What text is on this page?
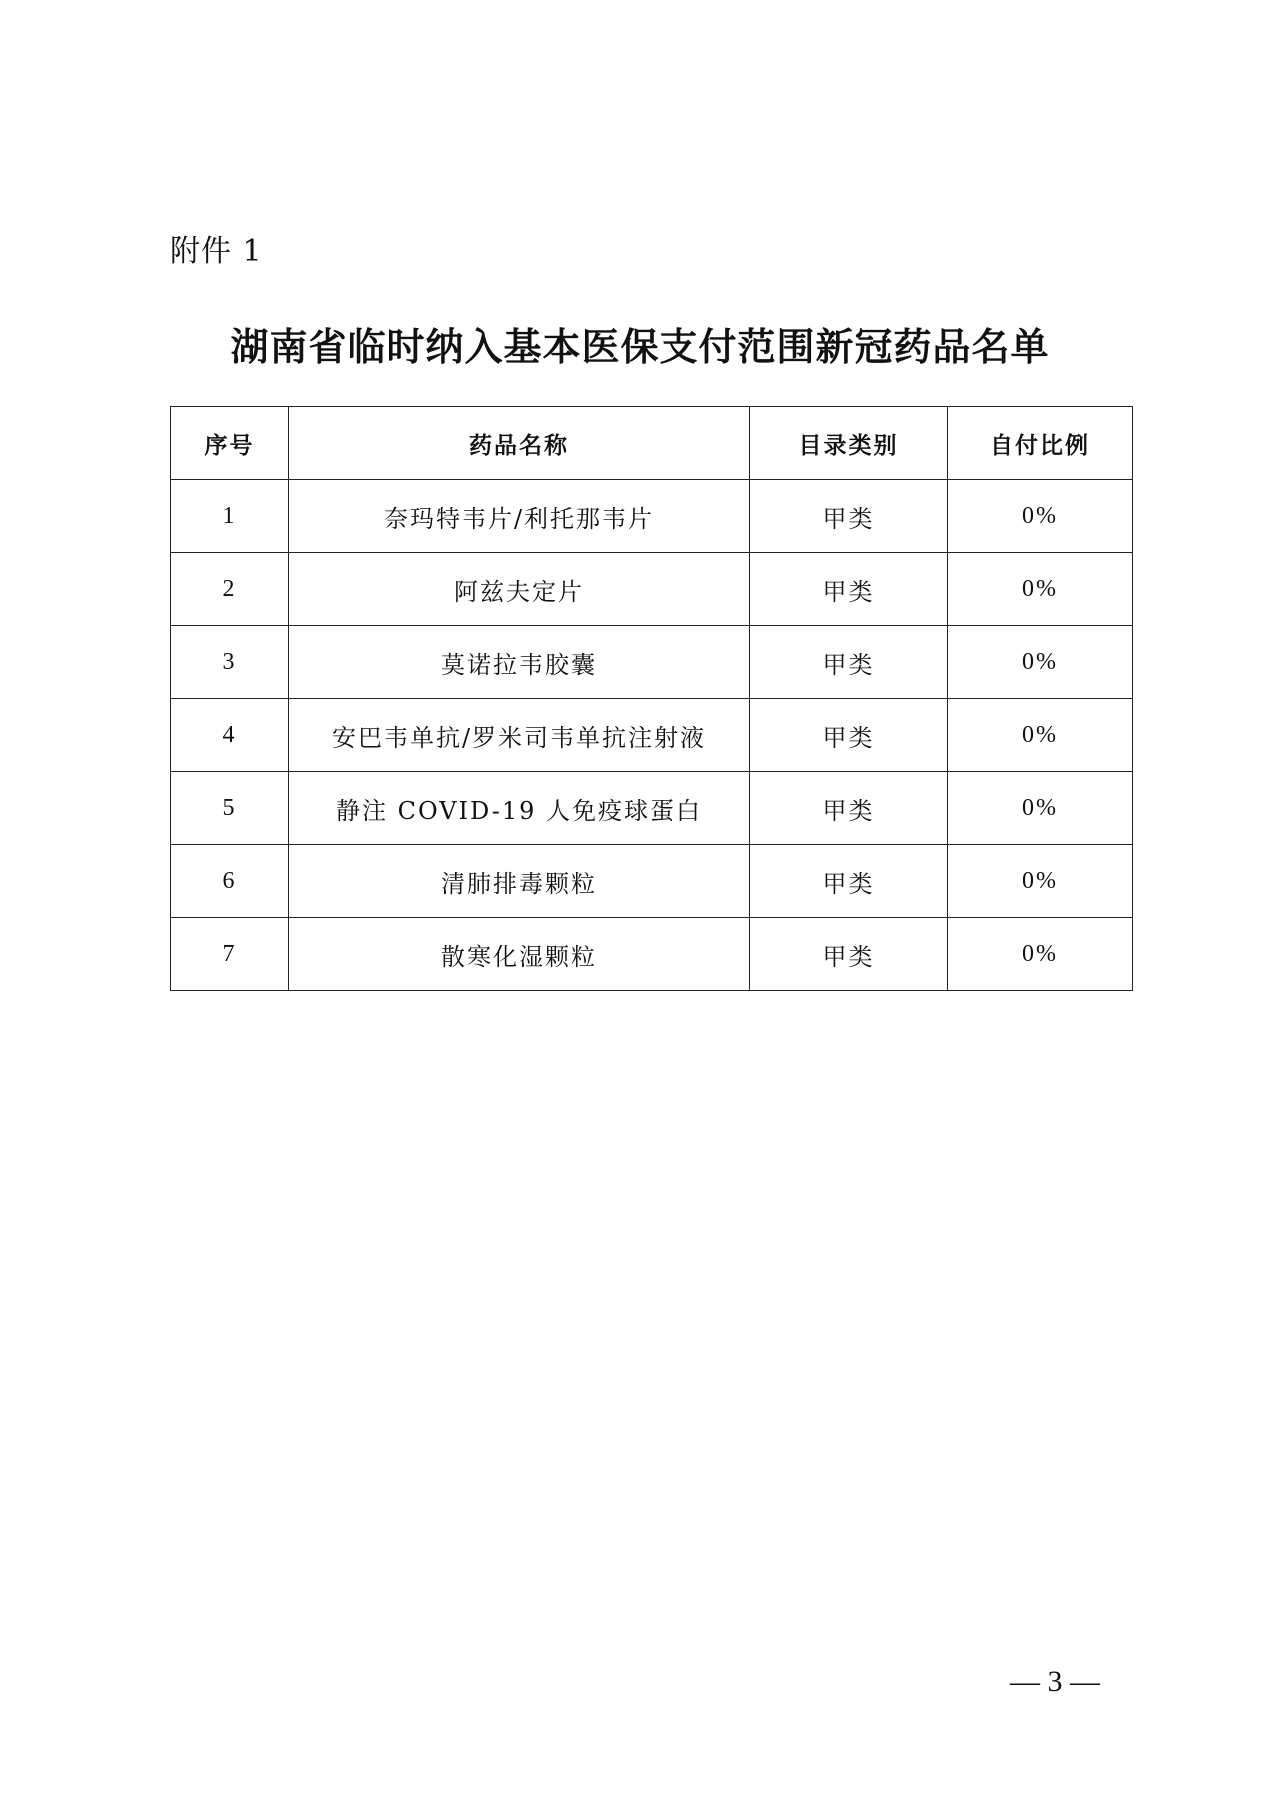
附件 1
湖南省临时纳入基本医保支付范围新冠药品名单
序号	药品名称	目录类别	自付比例
1	奈玛特韦片/利托那韦片	甲类	0%
2	阿兹夫定片	甲类	0%
3	莫诺拉韦胶囊	甲类	0%
4	安巴韦单抗/罗米司韦单抗注射液	甲类	0%
5	静注 COVID-19 人免疫球蛋白	甲类	0%
6	清肺排毒颗粒	甲类	0%
7	散寒化湿颗粒	甲类	0%
— 3 —
